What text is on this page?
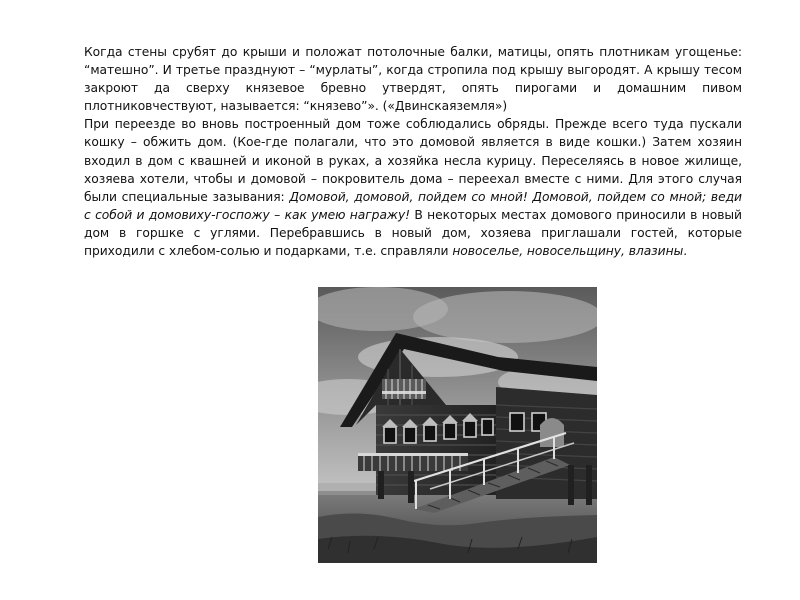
Когда стены срубят до крыши и положат потолочные балки, матицы, опять плотникам угощенье: “матешно”. И третье празднуют – “мурлаты”, когда стропила под крышу выгородят. А крышу тесом закроют да сверху князевое бревно утвердят, опять пирогами и домашним пивом плотниковчествуют, называется: “князево”». («Двинскаяземля»)

При переезде во вновь построенный дом тоже соблюдались обряды. Прежде всего туда пускали кошку – обжить дом. (Кое-где полагали, что это домовой является в виде кошки.) Затем хозяин входил в дом с квашней и иконой в руках, а хозяйка несла курицу. Переселяясь в новое жилище, хозяева хотели, чтобы и домовой – покровитель дома – переехал вместе с ними. Для этого случая были специальные зазывания: Домовой, домовой, пойдем со мной! Домовой, пойдем со мной; веди с собой и домовиху-госпожу – как умею награжу! В некоторых местах домового приносили в новый дом в горшке с углями. Перебравшись в новый дом, хозяева приглашали гостей, которые приходили с хлебом-солью и подарками, т.е. справляли новоселье, новосельщину, влазины.
